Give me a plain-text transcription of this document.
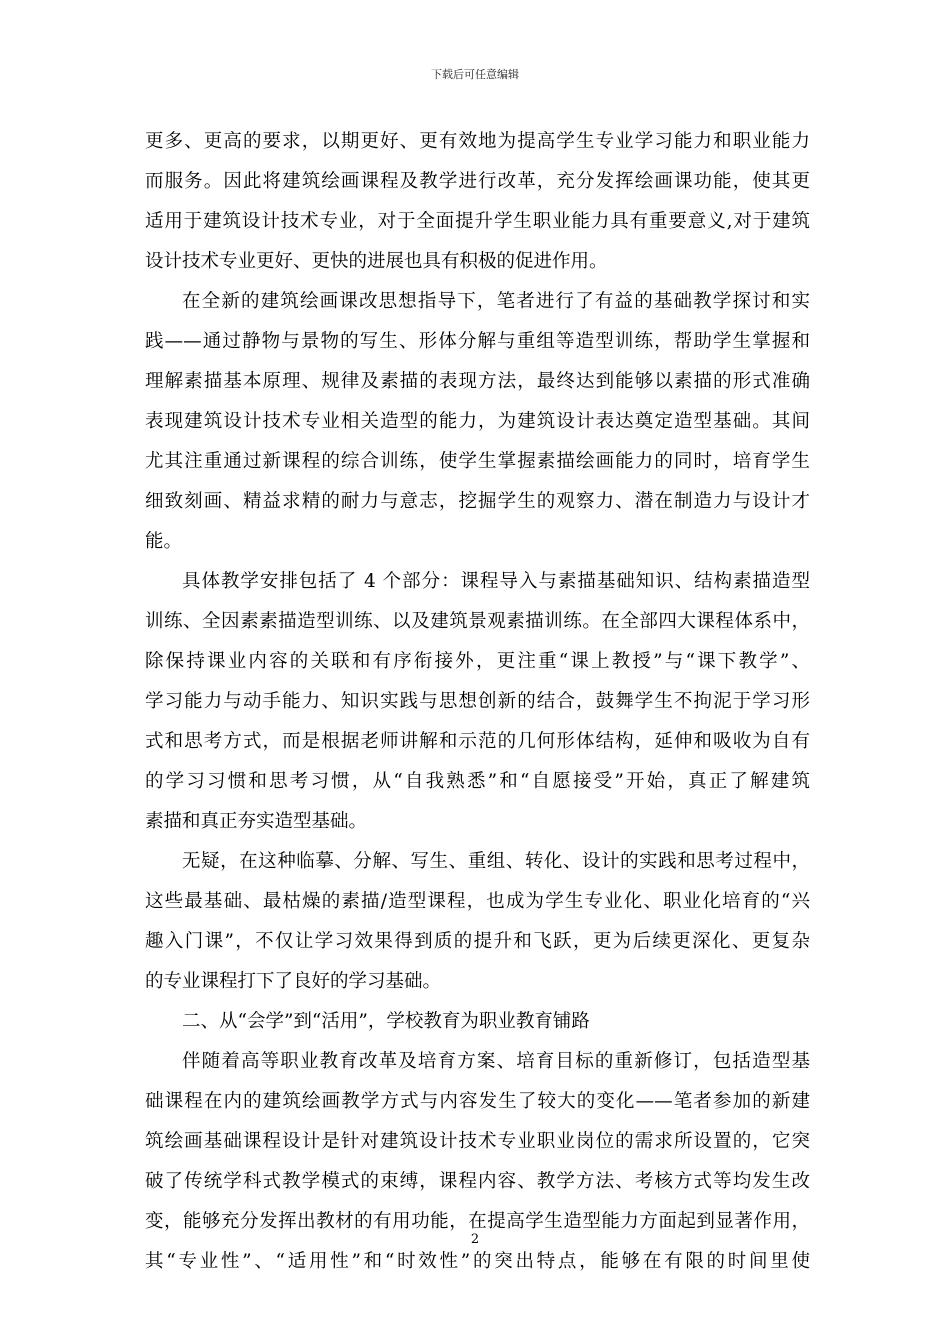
下载后可任意编辑
更多、更高的要求，以期更好、更有效地为提高学生专业学习能力和职业能力
而服务。因此将建筑绘画课程及教学进行改革，充分发挥绘画课功能，使其更
适用于建筑设计技术专业，对于全面提升学生职业能力具有重要意义,对于建筑
设计技术专业更好、更快的进展也具有积极的促进作用。
在全新的建筑绘画课改思想指导下，笔者进行了有益的基础教学探讨和实
践——通过静物与景物的写生、形体分解与重组等造型训练，帮助学生掌握和
理解素描基本原理、规律及素描的表现方法，最终达到能够以素描的形式准确
表现建筑设计技术专业相关造型的能力，为建筑设计表达奠定造型基础。其间
尤其注重通过新课程的综合训练，使学生掌握素描绘画能力的同时，培育学生
细致刻画、精益求精的耐力与意志，挖掘学生的观察力、潜在制造力与设计才
能。
具体教学安排包括了 4 个部分：课程导入与素描基础知识、结构素描造型
训练、全因素素描造型训练、以及建筑景观素描训练。在全部四大课程体系中，
除保持课业内容的关联和有序衔接外，更注重“课上教授”与“课下教学”、
学习能力与动手能力、知识实践与思想创新的结合，鼓舞学生不拘泥于学习形
式和思考方式，而是根据老师讲解和示范的几何形体结构，延伸和吸收为自有
的学习习惯和思考习惯，从“自我熟悉”和“自愿接受”开始，真正了解建筑
素描和真正夯实造型基础。
无疑，在这种临摹、分解、写生、重组、转化、设计的实践和思考过程中，
这些最基础、最枯燥的素描/造型课程，也成为学生专业化、职业化培育的“兴
趣入门课”，不仅让学习效果得到质的提升和飞跃，更为后续更深化、更复杂
的专业课程打下了良好的学习基础。
二、从“会学”到“活用”，学校教育为职业教育铺路
伴随着高等职业教育改革及培育方案、培育目标的重新修订，包括造型基
础课程在内的建筑绘画教学方式与内容发生了较大的变化——笔者参加的新建
筑绘画基础课程设计是针对建筑设计技术专业职业岗位的需求所设置的，它突
破了传统学科式教学模式的束缚，课程内容、教学方法、考核方式等均发生改
变，能够充分发挥出教材的有用功能，在提高学生造型能力方面起到显著作用，
其“专业性”、“适用性”和“时效性”的突出特点，能够在有限的时间里使
2
